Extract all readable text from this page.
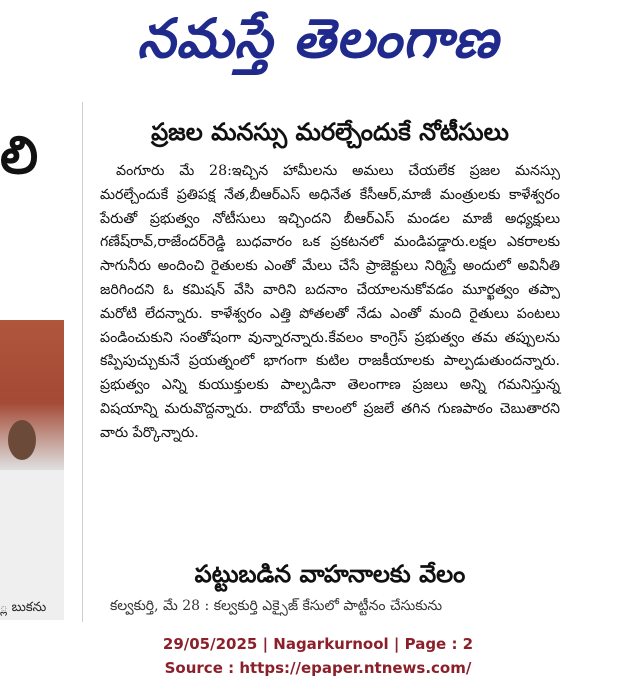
నమస్తే తెలంగాణ
లి
్ల బుకను
ప్రజల మనస్సు మరల్చేందుకే నోటీసులు

వంగూరు మే 28:ఇచ్చిన హామీలను అమలు చేయలేక ప్రజల మనస్సు మరల్చేందుకే ప్రతిపక్ష నేత,బీఆర్ఎస్ అధినేత కేసీఆర్,మాజీ మంత్రులకు కాళేశ్వరం పేరుతో ప్రభుత్వం నోటీసులు ఇచ్చిందని బీఆర్ఎస్ మండల మాజీ అధ్యక్షులు గణేష్‌రావ్,రాజేందర్‌రెడ్డి బుధవారం ఒక ప్రకటనలో మండిపడ్డారు.లక్షల ఎకరాలకు సాగునీరు అందించి రైతులకు ఎంతో మేలు చేసే ప్రాజెక్టులు నిర్మిస్తే అందులో అవినీతి జరిగిందని ఓ కమిషన్ వేసి వారిని బదనాం చేయాలనుకోవడం మూర్ఖత్వం తప్పా మరోటి లేదన్నారు. కాళేశ్వరం ఎత్తి పోతలతో నేడు ఎంతో మంది రైతులు పంటలు పండించుకుని సంతోషంగా వున్నారన్నారు.కేవలం కాంగ్రెస్ ప్రభుత్వం తమ తప్పులను కప్పిపుచ్చుకునే ప్రయత్నంలో భాగంగా కుటిల రాజకీయాలకు పాల్పడుతుందన్నారు. ప్రభుత్వం ఎన్ని కుయుక్తులకు పాల్పడినా తెలంగాణ ప్రజలు అన్ని గమనిస్తున్న విషయాన్ని మరువొద్దన్నారు. రాబోయే కాలంలో ప్రజలే తగిన గుణపాఠం చెబుతారని వారు పేర్కొన్నారు.

పట్టుబడిన వాహనాలకు వేలం
కల్వకుర్తి, మే 28 : కల్వకుర్తి ఎక్సైజ్ కేసులో పాట్టీనం చేసుకును
29/05/2025 | Nagarkurnool | Page : 2
Source : https://epaper.ntnews.com/
